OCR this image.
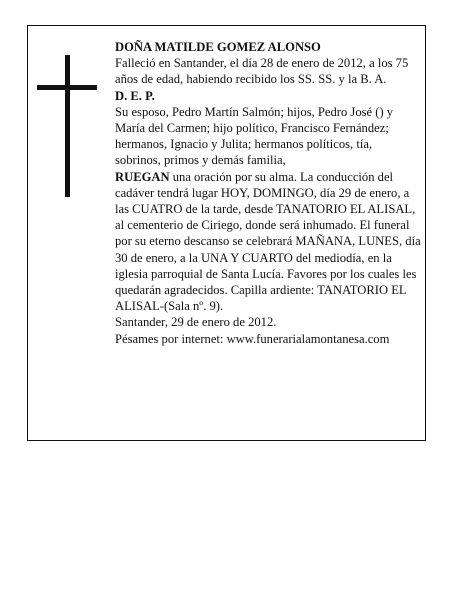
DOÑA MATILDE GOMEZ ALONSO

Falleció en Santander, el día 28 de enero de 2012, a los 75 años de edad, habiendo recibido los SS. SS. y la B. A.

D. E. P.

Su esposo, Pedro Martín Salmón; hijos, Pedro José () y María del Carmen; hijo político, Francisco Fernández; hermanos, Ignacio y Julita; hermanos políticos, tía, sobrinos, primos y demás familia,

RUEGAN una oración por su alma. La conducción del cadáver tendrá lugar HOY, DOMINGO, día 29 de enero, a las CUATRO de la tarde, desde TANATORIO EL ALISAL, al cementerio de Ciriego, donde será inhumado. El funeral por su eterno descanso se celebrará MAÑANA, LUNES, día 30 de enero, a la UNA Y CUARTO del mediodía, en la iglesia parroquial de Santa Lucía. Favores por los cuales les quedarán agradecidos. Capilla ardiente: TANATORIO EL ALISAL-(Sala nº. 9).

Santander, 29 de enero de 2012.

Pésames por internet: www.funerarialamontanesa.com
